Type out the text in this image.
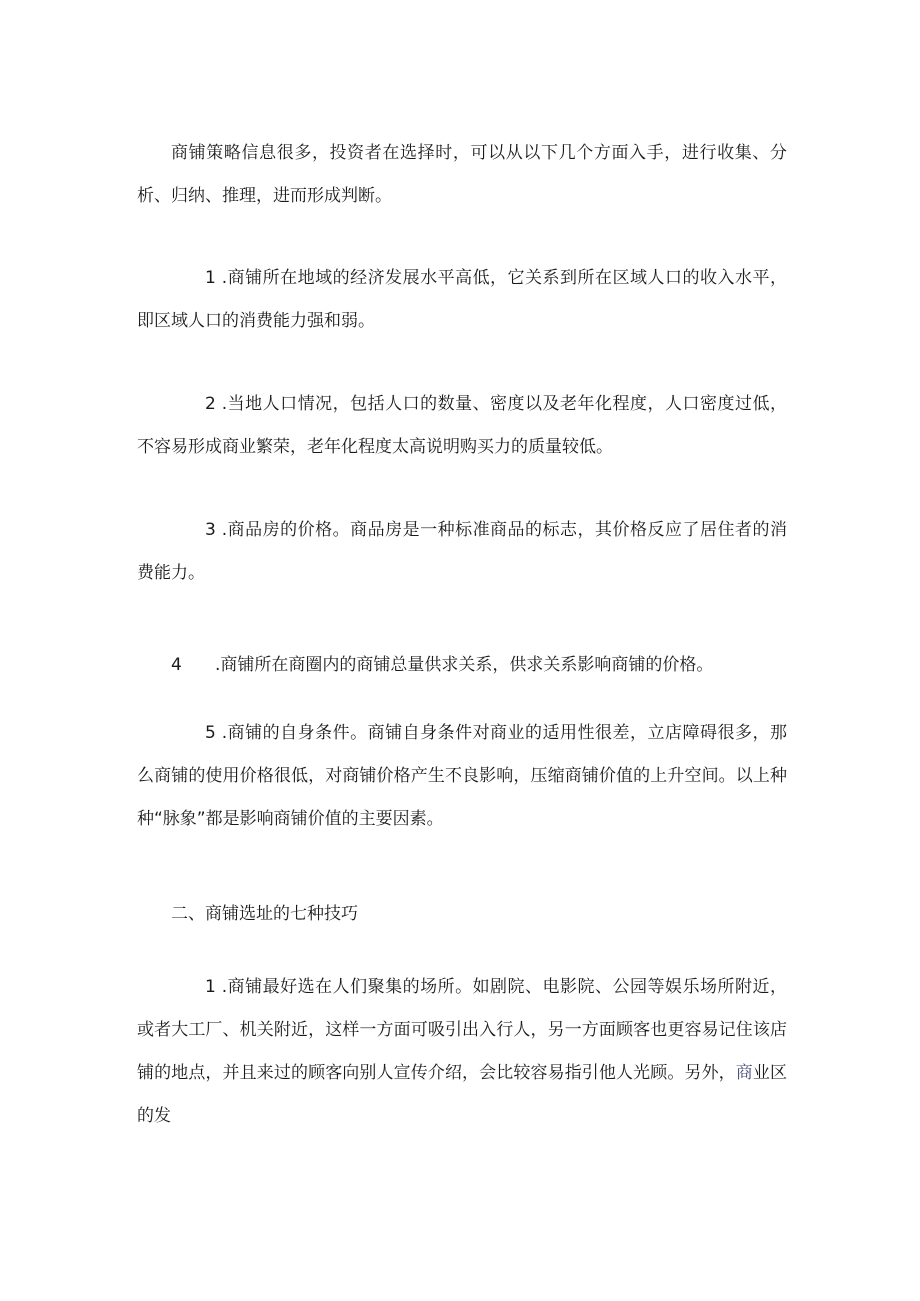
商铺策略信息很多，投资者在选择时，可以从以下几个方面入手，进行收集、分析、归纳、推理，进而形成判断。

1 .商铺所在地域的经济发展水平高低，它关系到所在区域人口的收入水平，即区域人口的消费能力强和弱。

2 .当地人口情况，包括人口的数量、密度以及老年化程度，人口密度过低，不容易形成商业繁荣，老年化程度太高说明购买力的质量较低。

3 .商品房的价格。商品房是一种标准商品的标志，其价格反应了居住者的消费能力。

4 .商铺所在商圈内的商铺总量供求关系，供求关系影响商铺的价格。

5 .商铺的自身条件。商铺自身条件对商业的适用性很差，立店障碍很多，那么商铺的使用价格很低，对商铺价格产生不良影响，压缩商铺价值的上升空间。以上种种“脉象”都是影响商铺价值的主要因素。

二、商铺选址的七种技巧

1 .商铺最好选在人们聚集的场所。如剧院、电影院、公园等娱乐场所附近，或者大工厂、机关附近，这样一方面可吸引出入行人，另一方面顾客也更容易记住该店铺的地点，并且来过的顾客向别人宣传介绍，会比较容易指引他人光顾。另外，商业区的发
